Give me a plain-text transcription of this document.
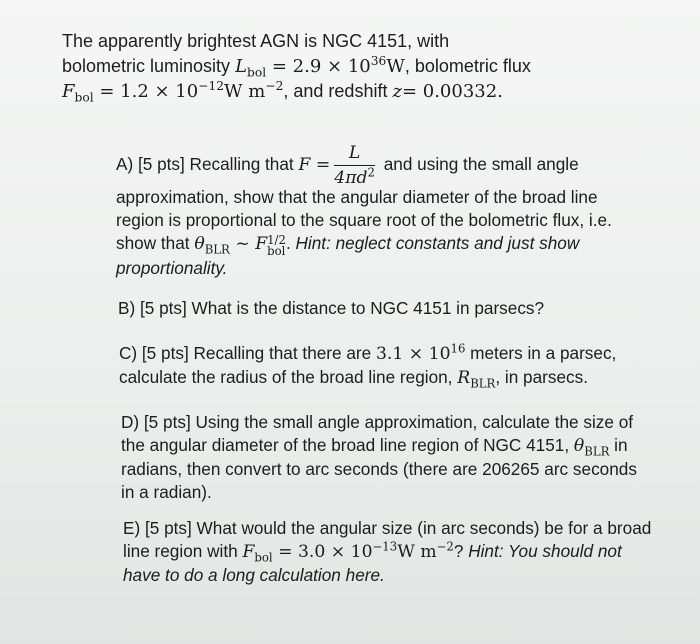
The apparently brightest AGN is NGC 4151, with
bolometric luminosity $L_{bol} = 2.9 \times 10^{36}W$, bolometric flux
$F_{bol} = 1.2 \times 10^{-12}W$ $m^{-2}$, and redshift z= 0.00332.
A) [5 pts] Recalling that $F = \frac{L}{4\pi d^2}$ and using the small angle
approximation, show that the angular diameter of the broad line
region is proportional to the square root of the bolometric flux, i.e.
show that $\theta_{BLR}$ ~ F 1/2
bol . Hint: neglect constants and just show
proportionality.
B) [5 pts] What is the distance to NGC 4151 in parsecs?
C) [5 pts] Recalling that there are $3.1 \times 10^{16}$ meters in a parsec,
calculate the radius of the broad line region, $R_{BLR}$, in parsecs.
D) [5 pts] Using the small angle approximation, calculate the size of
the angular diameter of the broad line region of NGC 4151, $\theta_{BLR}$ in
radians, then convert to arc seconds (there are 206265 arc seconds
in a radian).
E) [5 pts] What would the angular size (in arc seconds) be for a broad
line region with $F_{bol} = 3.0 \times 10^{-13}W$ $m^{-2}$? Hint: You should not
have to do a long calculation here.
